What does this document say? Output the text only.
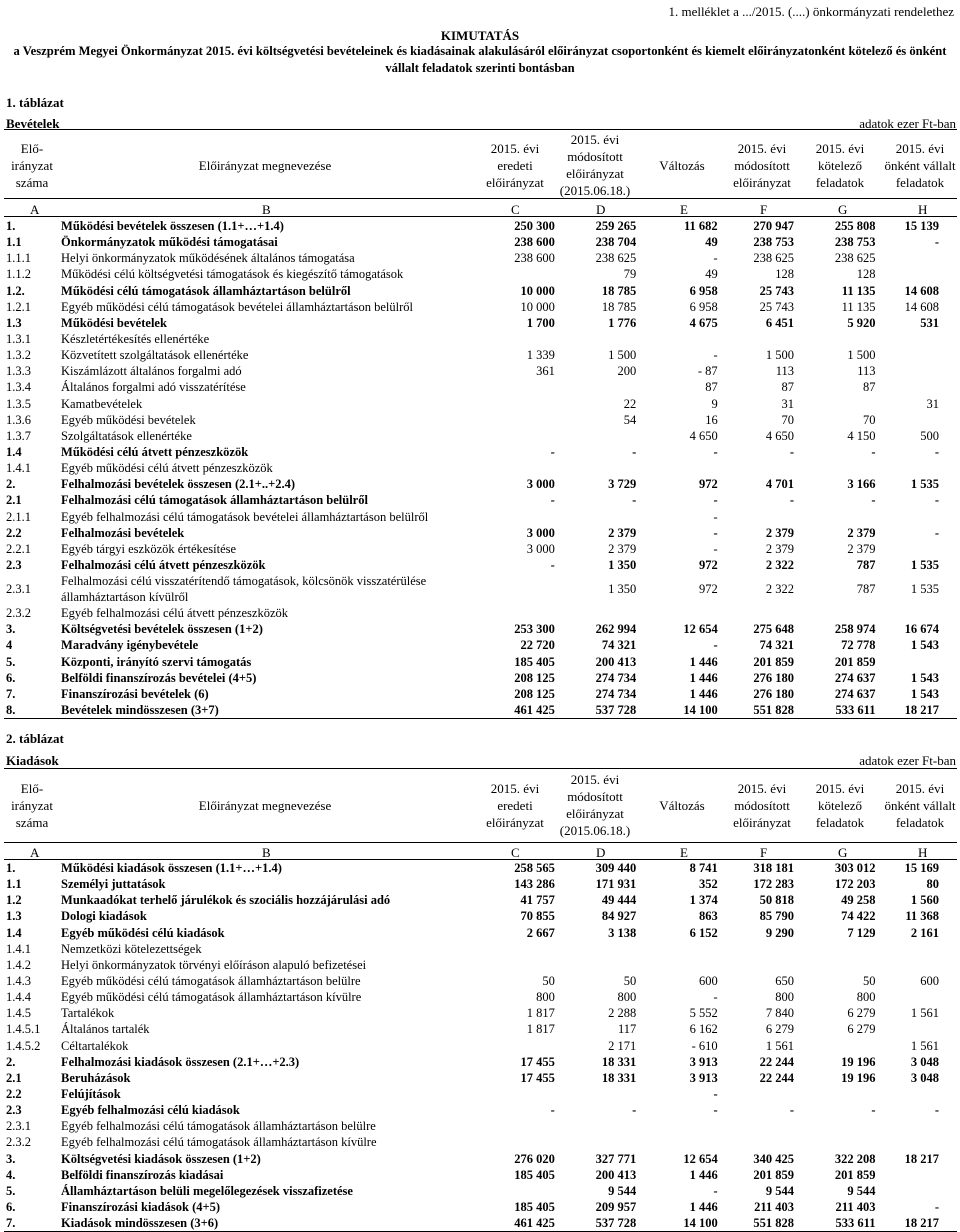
1. melléklet a .../2015. (....) önkormányzati rendelethez
KIMUTATÁS
a Veszprém Megyei Önkormányzat 2015. évi költségvetési bevételeinek és kiadásainak alakulásáról előirányzat csoportonként és kiemelt előirányzatonként kötelező és önként
vállalt feladatok szerinti bontásban
1. táblázat
Bevételek	adatok ezer Ft-ban
Elő-
irányzat
száma
Előirányzat megnevezése
2015. évi
eredeti
előirányzat
2015. évi
módosított
előirányzat
(2015.06.18.)
Változás
2015. évi
módosított
előirányzat
2015. évi
kötelező
feladatok
2015. évi
önként vállalt
feladatok
A	B	C	D	E	F	G	H
1.	Működési bevételek összesen (1.1+…+1.4)	250 300	259 265	11 682	270 947	255 808	15 139
1.1	Önkormányzatok működési támogatásai	238 600	238 704	49	238 753	238 753	-
1.1.1	Helyi önkormányzatok működésének általános támogatása	238 600	238 625	-	238 625	238 625	
1.1.2	Működési célú költségvetési támogatások és kiegészítő támogatások		79	49	128	128	
1.2.	Működési célú támogatások államháztartáson belülről	10 000	18 785	6 958	25 743	11 135	14 608
1.2.1	Egyéb működési célú támogatások bevételei államháztartáson belülről	10 000	18 785	6 958	25 743	11 135	14 608
1.3	Működési bevételek	1 700	1 776	4 675	6 451	5 920	531
1.3.1	Készletértékesítés ellenértéke						
1.3.2	Közvetített szolgáltatások ellenértéke	1 339	1 500	-	1 500	1 500	
1.3.3	Kiszámlázott általános forgalmi adó	361	200	- 87	113	113	
1.3.4	Általános forgalmi adó visszatérítése			87	87	87	
1.3.5	Kamatbevételek		22	9	31		31
1.3.6	Egyéb működési bevételek		54	16	70	70	
1.3.7	Szolgáltatások ellenértéke			4 650	4 650	4 150	500
1.4	Működési célú átvett pénzeszközök	-	-	-	-	-	-
1.4.1	Egyéb működési célú átvett pénzeszközök						
2.	Felhalmozási bevételek összesen (2.1+..+2.4)	3 000	3 729	972	4 701	3 166	1 535
2.1	Felhalmozási célú támogatások államháztartáson belülről	-	-	-	-	-	-
2.1.1	Egyéb felhalmozási célú támogatások bevételei államháztartáson belülről			-			
2.2	Felhalmozási bevételek	3 000	2 379	-	2 379	2 379	-
2.2.1	Egyéb tárgyi eszközök értékesítése	3 000	2 379	-	2 379	2 379	
2.3	Felhalmozási célú átvett pénzeszközök	-	1 350	972	2 322	787	1 535
2.3.1	Felhalmozási célú visszatérítendő támogatások, kölcsönök visszatérülése
államháztartáson kívülről		1 350	972	2 322	787	1 535
2.3.2	Egyéb felhalmozási célú átvett pénzeszközök						
3.	Költségvetési bevételek összesen (1+2)	253 300	262 994	12 654	275 648	258 974	16 674
4	Maradvány igénybevétele	22 720	74 321	-	74 321	72 778	1 543
5.	Központi, irányító szervi támogatás	185 405	200 413	1 446	201 859	201 859	
6.	Belföldi finanszírozás bevételei (4+5)	208 125	274 734	1 446	276 180	274 637	1 543
7.	Finanszírozási bevételek (6)	208 125	274 734	1 446	276 180	274 637	1 543
8.	Bevételek mindösszesen (3+7)	461 425	537 728	14 100	551 828	533 611	18 217
2. táblázat
Kiadások	adatok ezer Ft-ban
Elő-
irányzat
száma
Előirányzat megnevezése
2015. évi
eredeti
előirányzat
2015. évi
módosított
előirányzat
(2015.06.18.)
Változás
2015. évi
módosított
előirányzat
2015. évi
kötelező
feladatok
2015. évi
önként vállalt
feladatok
A	B	C	D	E	F	G	H
1.	Működési kiadások összesen (1.1+…+1.4)	258 565	309 440	8 741	318 181	303 012	15 169
1.1	Személyi juttatások	143 286	171 931	352	172 283	172 203	80
1.2	Munkaadókat terhelő járulékok és szociális hozzájárulási adó	41 757	49 444	1 374	50 818	49 258	1 560
1.3	Dologi kiadások	70 855	84 927	863	85 790	74 422	11 368
1.4	Egyéb működési célú kiadások	2 667	3 138	6 152	9 290	7 129	2 161
1.4.1	Nemzetközi kötelezettségek						
1.4.2	Helyi önkormányzatok törvényi előíráson alapuló befizetései						
1.4.3	Egyéb működési célú támogatások államháztartáson belülre	50	50	600	650	50	600
1.4.4	Egyéb működési célú támogatások államháztartáson kívülre	800	800	-	800	800	
1.4.5	Tartalékok	1 817	2 288	5 552	7 840	6 279	1 561
1.4.5.1	Általános tartalék	1 817	117	6 162	6 279	6 279	
1.4.5.2	Céltartalékok		2 171	- 610	1 561		1 561
2.	Felhalmozási kiadások összesen (2.1+…+2.3)	17 455	18 331	3 913	22 244	19 196	3 048
2.1	Beruházások	17 455	18 331	3 913	22 244	19 196	3 048
2.2	Felújítások			-			
2.3	Egyéb felhalmozási célú kiadások	-	-	-	-	-	-
2.3.1	Egyéb felhalmozási célú támogatások államháztartáson belülre						
2.3.2	Egyéb felhalmozási célú támogatások államháztartáson kívülre						
3.	Költségvetési kiadások összesen (1+2)	276 020	327 771	12 654	340 425	322 208	18 217
4.	Belföldi finanszírozás kiadásai	185 405	200 413	1 446	201 859	201 859	
5.	Államháztartáson belüli megelőlegezések visszafizetése		9 544	-	9 544	9 544	
6.	Finanszírozási kiadások (4+5)	185 405	209 957	1 446	211 403	211 403	-
7.	Kiadások mindösszesen (3+6)	461 425	537 728	14 100	551 828	533 611	18 217
